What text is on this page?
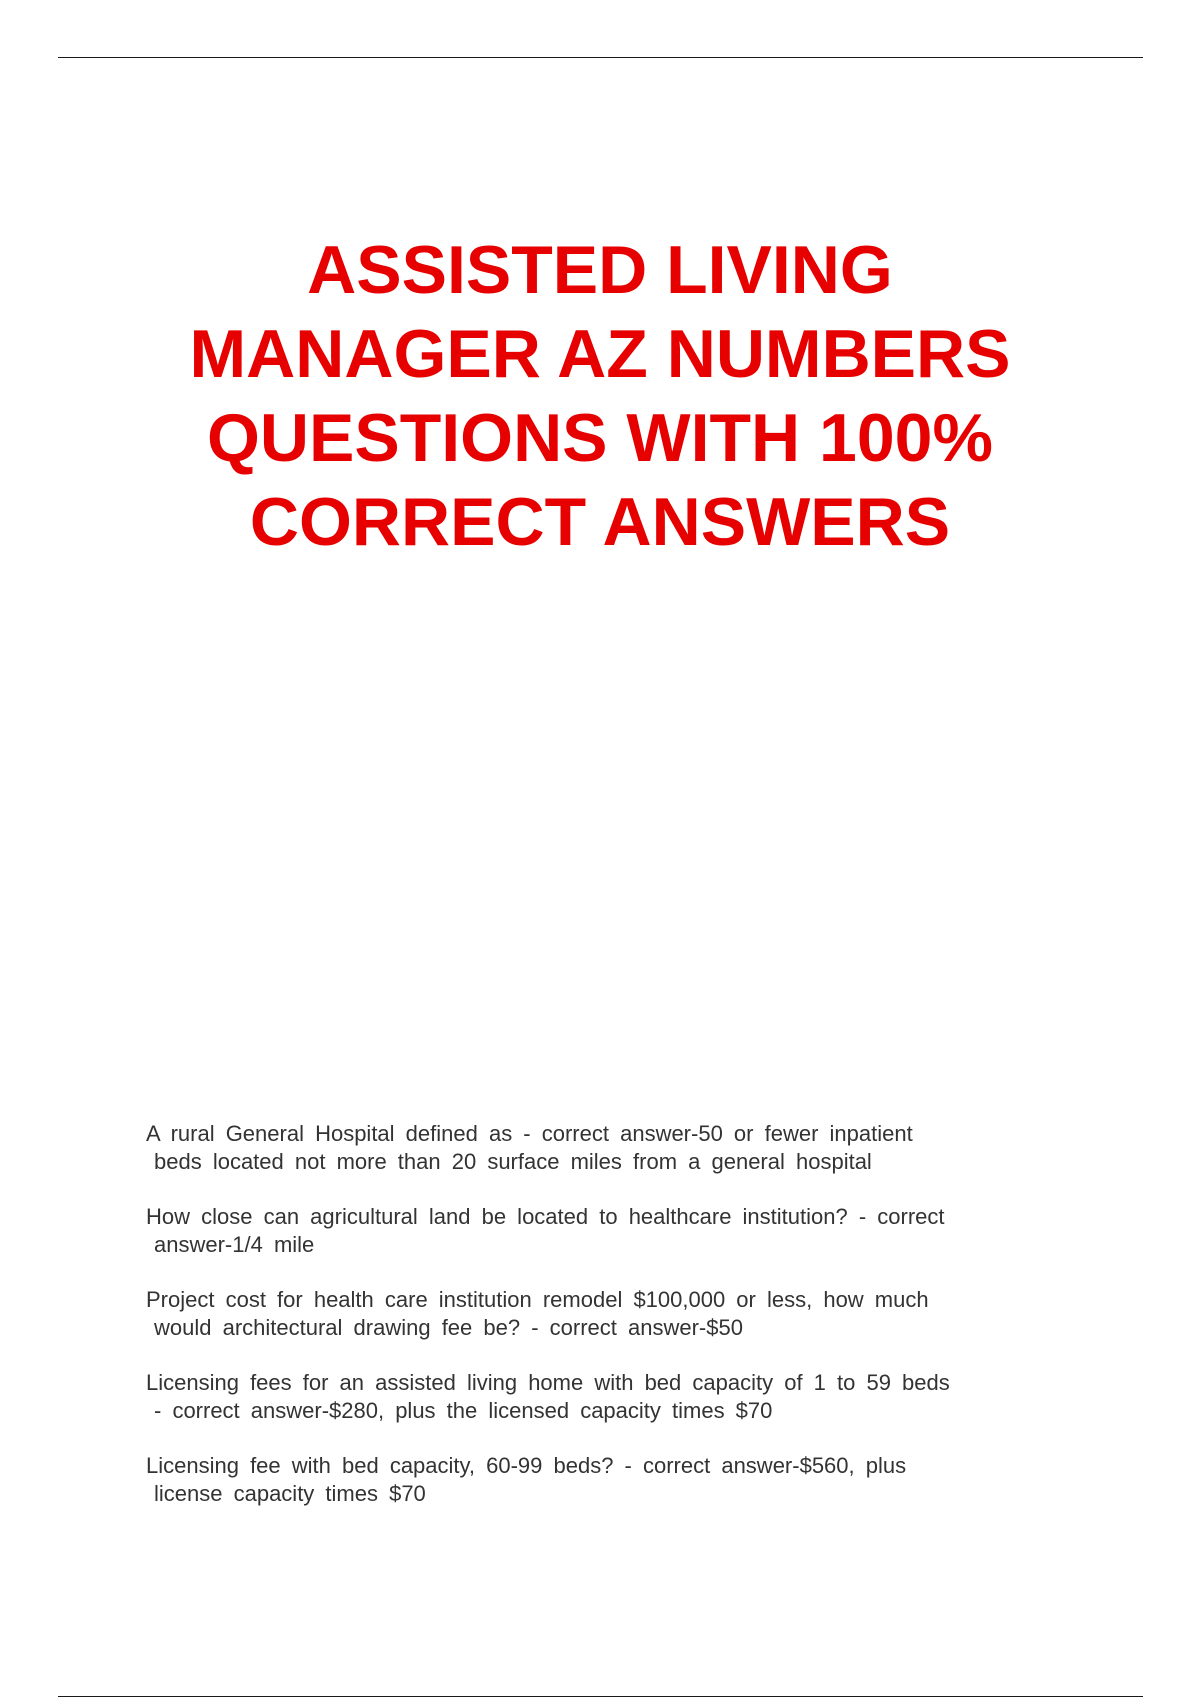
ASSISTED LIVING
MANAGER AZ NUMBERS
QUESTIONS WITH 100%
CORRECT ANSWERS

A rural General Hospital defined as - correct answer-50 or fewer inpatient
beds located not more than 20 surface miles from a general hospital

How close can agricultural land be located to healthcare institution? - correct
answer-1/4 mile

Project cost for health care institution remodel $100,000 or less, how much
would architectural drawing fee be? - correct answer-$50

Licensing fees for an assisted living home with bed capacity of 1 to 59 beds
- correct answer-$280, plus the licensed capacity times $70

Licensing fee with bed capacity, 60-99 beds? - correct answer-$560, plus
license capacity times $70
